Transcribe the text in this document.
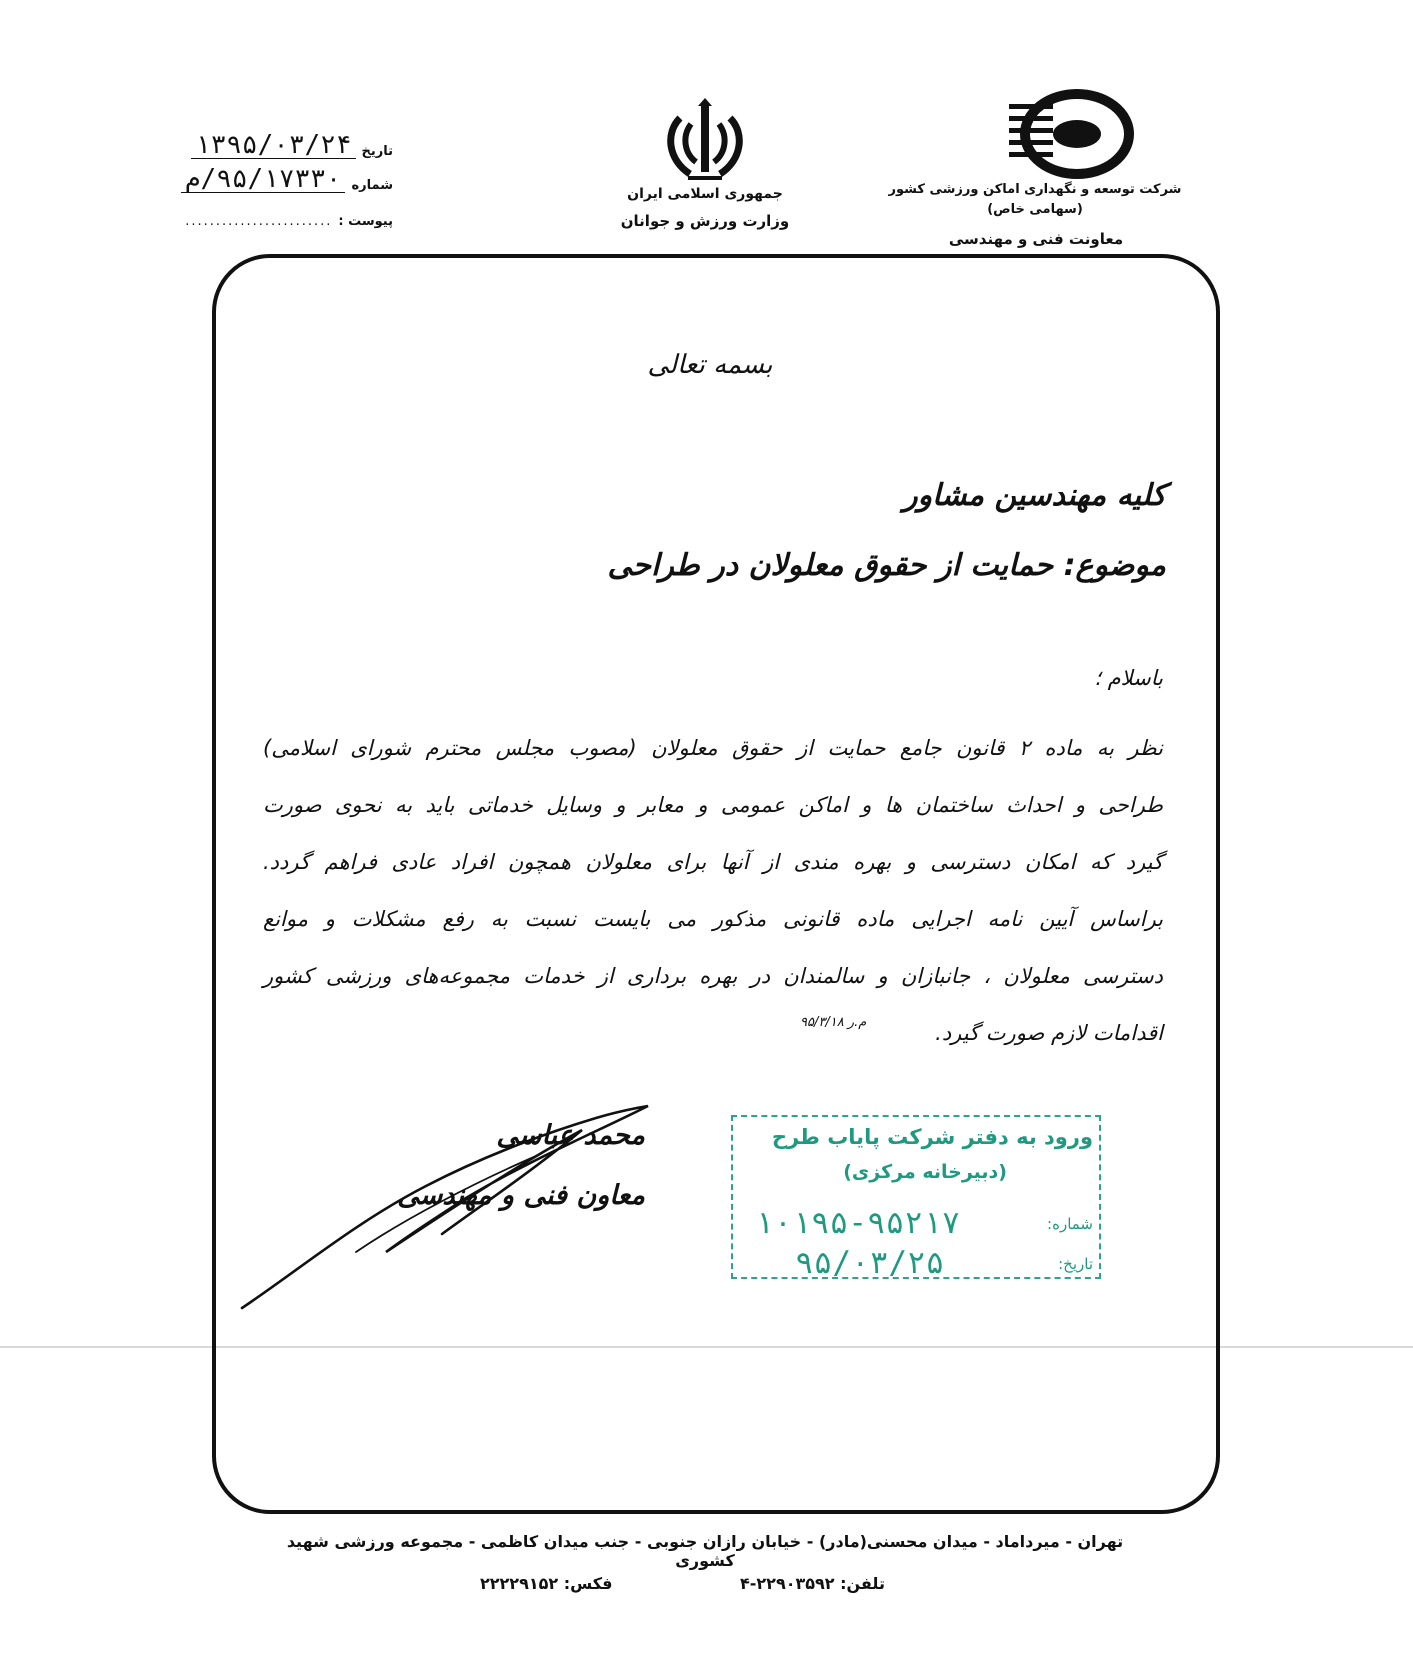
شرکت توسعه و نگهداری اماکن ورزشی کشور
(سهامی خاص)
معاونت فنی و مهندسی
جمهوری اسلامی ایران
وزارت ورزش و جوانان
تاریخ
۱۳۹۵/۰۳/۲۴
شماره
۹۵/۱۷۳۳۰/م
پیوست :
........................
بسمه تعالی
کلیه مهندسین مشاور
موضوع: حمایت از حقوق معلولان در طراحی
باسلام ؛
نظر به ماده ۲ قانون جامع حمایت از حقوق معلولان (مصوب مجلس محترم شورای اسلامی)
طراحی و احداث ساختمان ها و اماکن عمومی و معابر و وسایل خدماتی باید به نحوی صورت
گیرد که امکان دسترسی و بهره مندی از آنها برای معلولان همچون افراد عادی فراهم گردد.
براساس آیین نامه اجرایی ماده قانونی مذکور می بایست نسبت به رفع مشکلات و موانع
دسترسی معلولان ، جانبازان و سالمندان در بهره برداری از خدمات مجموعه‌های ورزشی کشور
اقدامات لازم صورت گیرد.
م.ر ۹۵/۳/۱۸
محمد عباسی
معاون فنی و مهندسی
ورود به دفتر شرکت پایاب طرح
(دبیرخانه مرکزی)
شماره:
۱۰۱۹۵-۹۵۲۱۷
تاریخ:
۹۵/۰۳/۲۵
تهران - میرداماد - میدان محسنی(مادر) - خیابان رازان جنوبی - جنب میدان کاظمی - مجموعه ورزشی شهید کشوری
تلفن: ۲۲۹۰۳۵۹۲-۴
فکس: ۲۲۲۲۹۱۵۲
